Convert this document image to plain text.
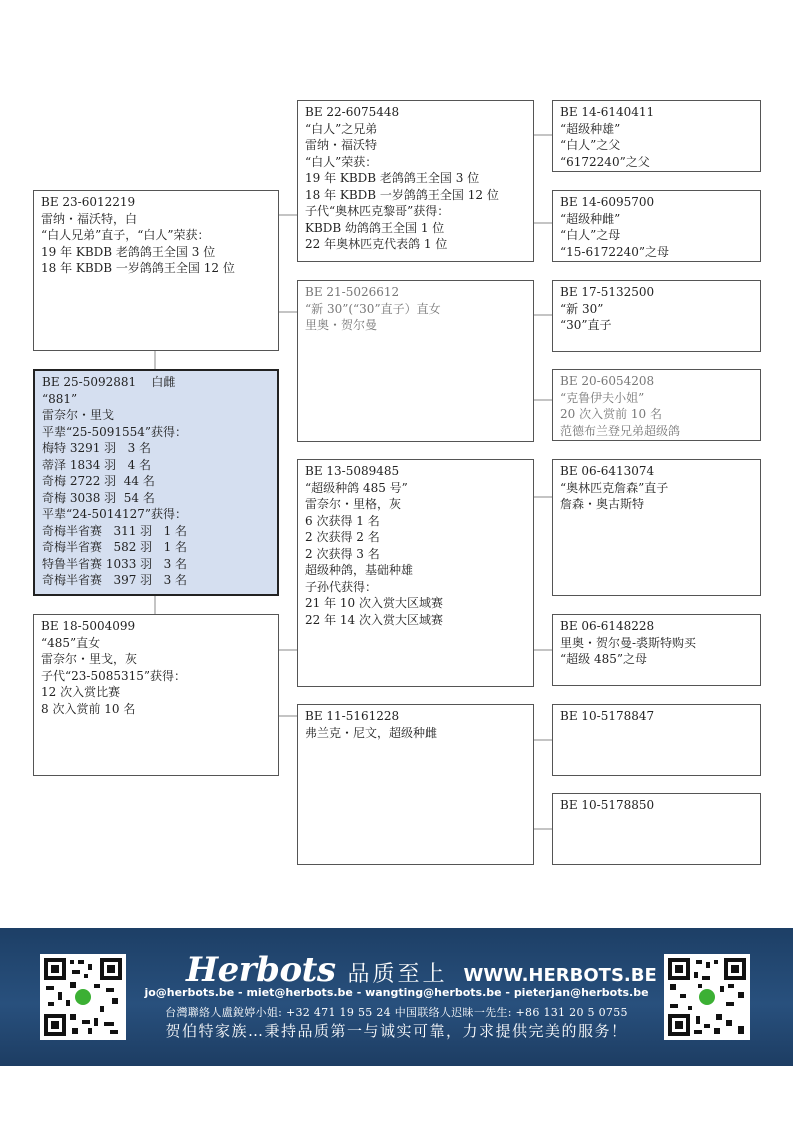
BE 23-6012219
雷纳・福沃特，白
“白人兄弟”直子，“白人”荣获：
19 年 KBDB 老鸽鸽王全国 3 位
18 年 KBDB 一岁鸽鸽王全国 12 位
BE 25-5092881    白雌
“881”
雷奈尔・里戈
平辈“25-5091554”获得：
梅特 3291 羽   3 名
蒂泽 1834 羽   4 名
奇梅 2722 羽  44 名
奇梅 3038 羽  54 名
平辈“24-5014127”获得：
奇梅半省赛   311 羽   1 名
奇梅半省赛   582 羽   1 名
特鲁半省赛 1033 羽   3 名
奇梅半省赛   397 羽   3 名
BE 18-5004099
“485”直女
雷奈尔・里戈，灰
子代“23-5085315”获得：
12 次入赏比赛
8 次入赏前 10 名
BE 22-6075448
“白人”之兄弟
雷纳・福沃特
“白人”荣获：
19 年 KBDB 老鸽鸽王全国 3 位
18 年 KBDB 一岁鸽鸽王全国 12 位
子代“奥林匹克黎哥”获得：
KBDB 幼鸽鸽王全国 1 位
22 年奥林匹克代表鸽 1 位
BE 21-5026612
“新 30”(“30”直子）直女
里奥・贺尔曼
BE 13-5089485
“超级种鸽 485 号”
雷奈尔・里格，灰
6 次获得 1 名
2 次获得 2 名
2 次获得 3 名
超级种鸽，基础种雄
子孙代获得：
21 年 10 次入赏大区域赛
22 年 14 次入赏大区域赛
BE 11-5161228
弗兰克・尼文，超级种雌
BE 14-6140411
“超级种雄”
“白人”之父
“6172240”之父
BE 14-6095700
“超级种雌”
“白人”之母
“15-6172240”之母
BE 17-5132500
“新 30”
“30”直子
BE 20-6054208
“克鲁伊夫小姐”
20 次入赏前 10 名
范德布兰登兄弟超级鸽
BE 06-6413074
“奥林匹克詹森”直子
詹森・奥古斯特
BE 06-6148228
里奥・贺尔曼-裘斯特购买
“超级 485”之母
BE 10-5178847
BE 10-5178850
Herbots 品质至上 WWW.HERBOTS.BE
jo@herbots.be - miet@herbots.be - wangting@herbots.be - pieterjan@herbots.be
台灣聯絡人盧銳婷小姐: +32 471 19 55 24 中国联络人迟昧一先生: +86 131 20 5 0755
贺伯特家族…秉持品质第一与诚实可靠，力求提供完美的服务！
